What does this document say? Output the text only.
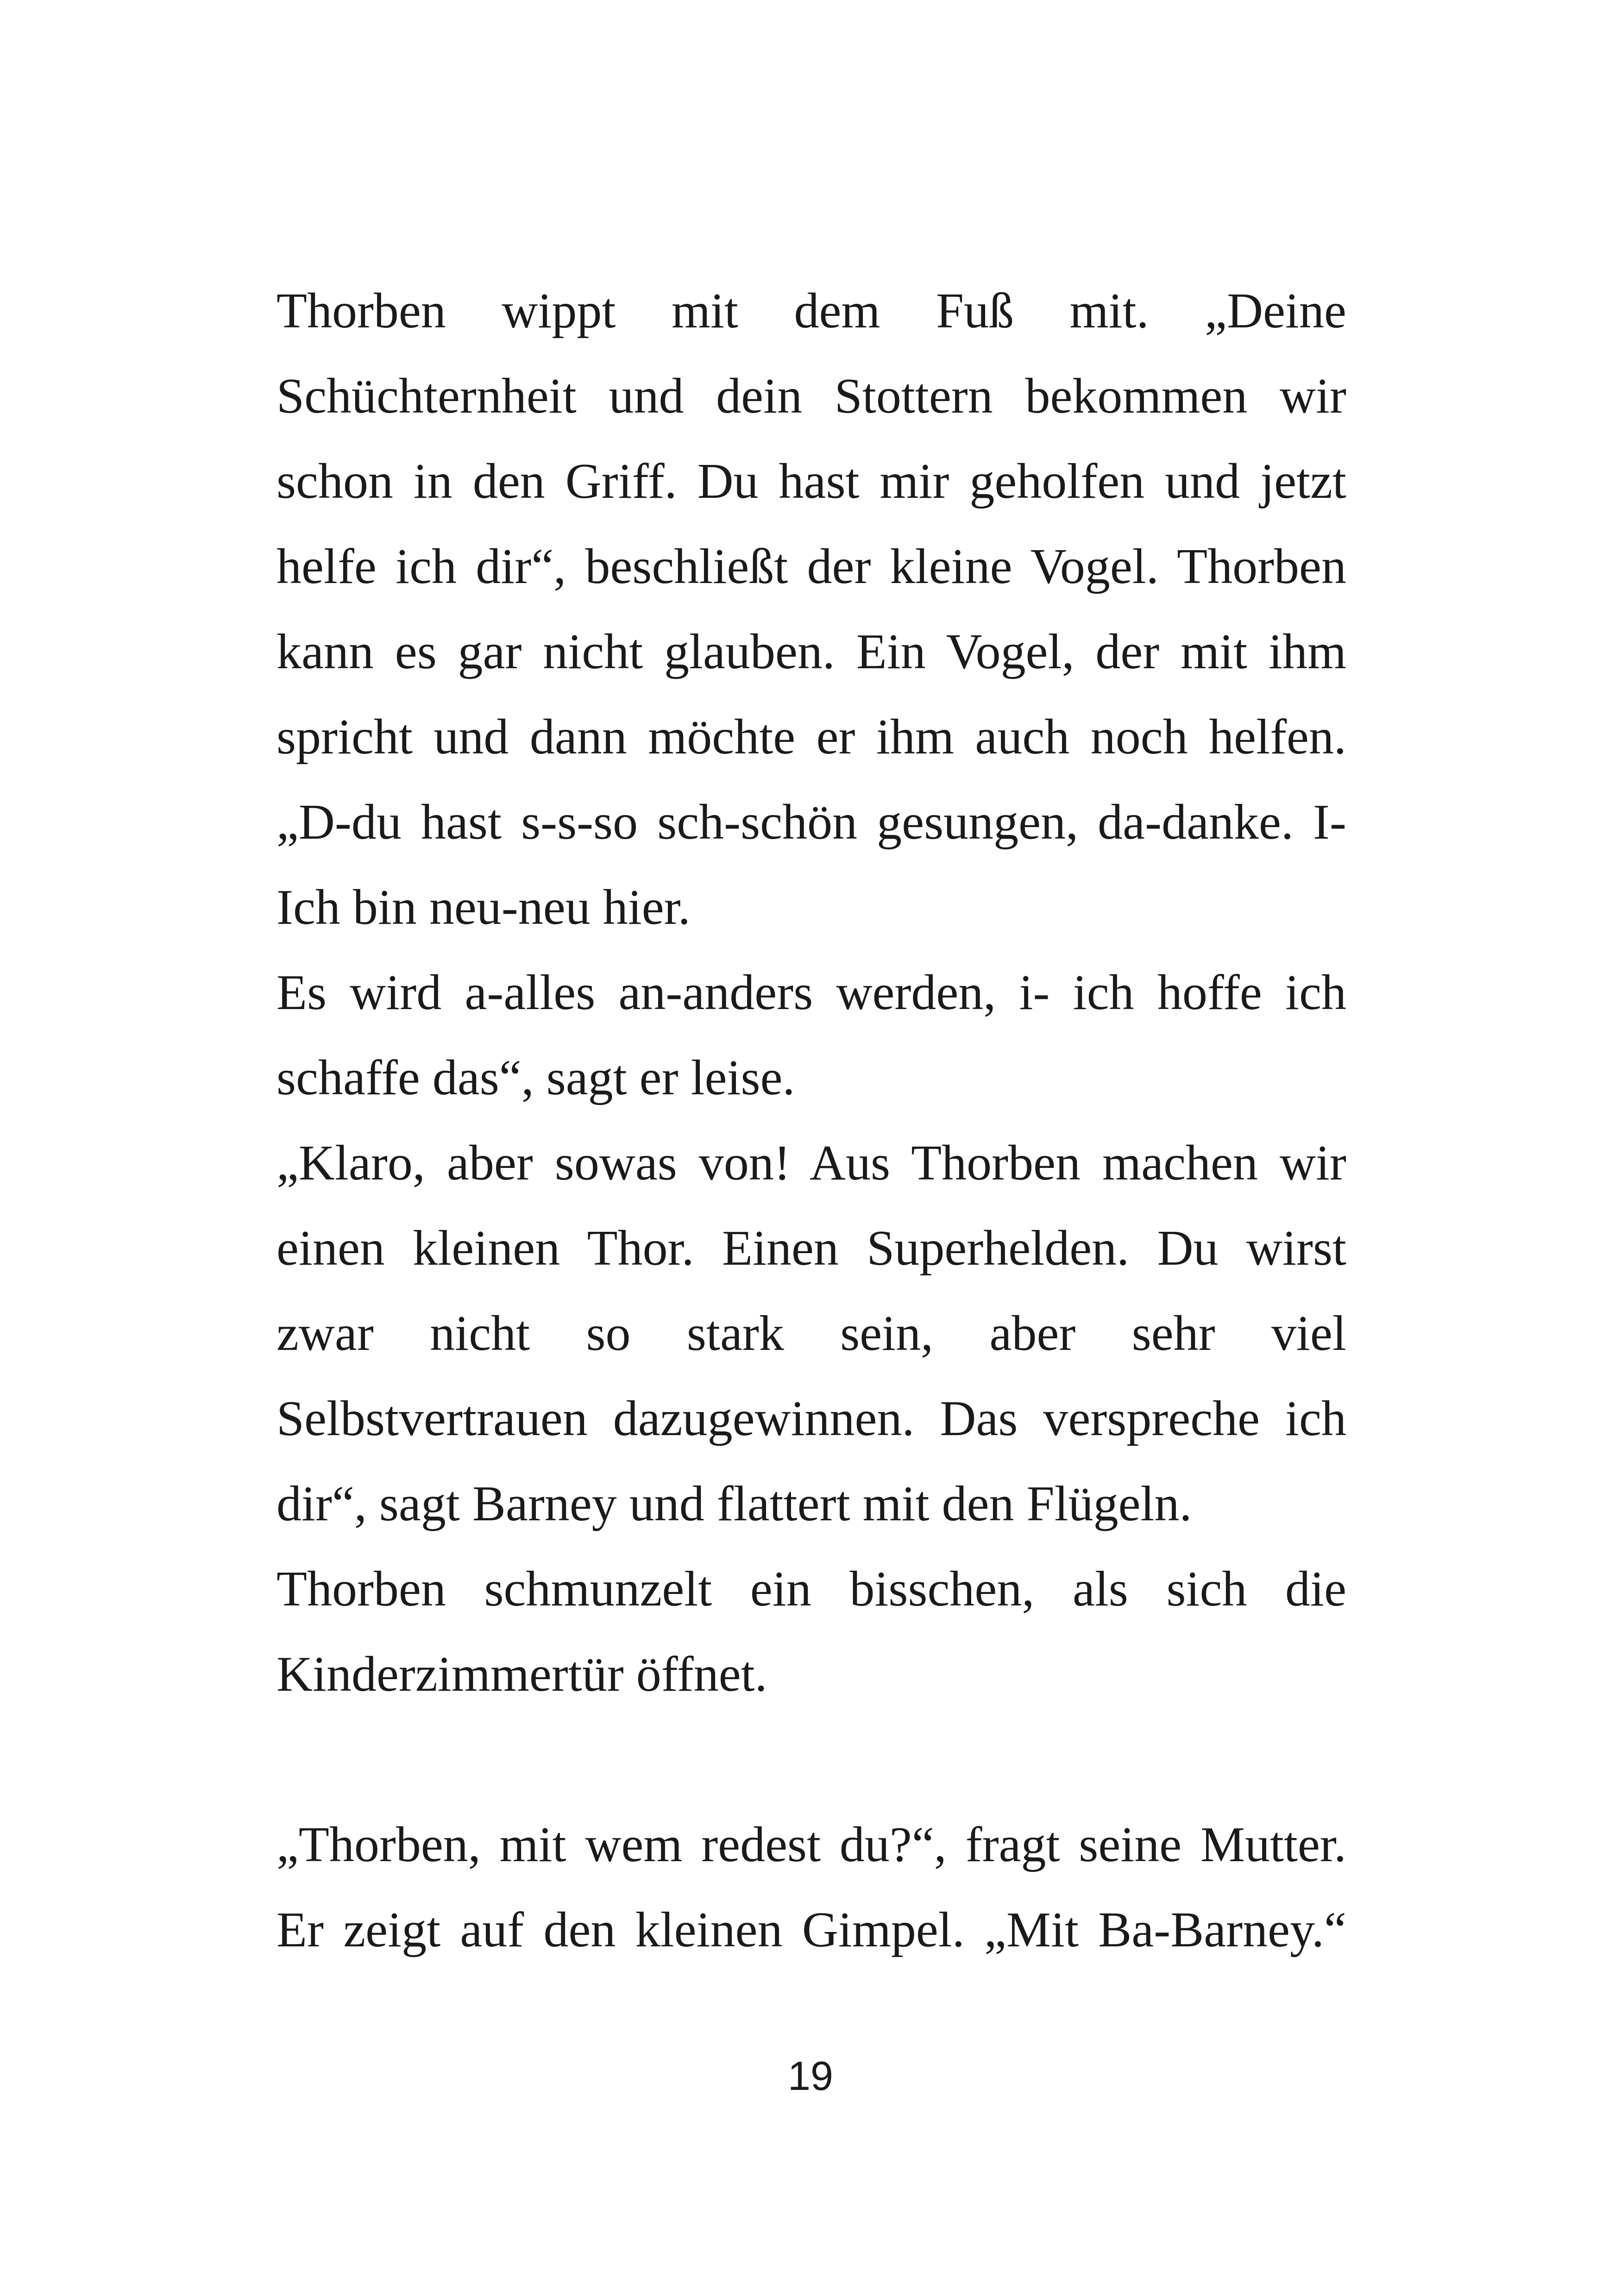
Thorben wippt mit dem Fuß mit. „Deine
Schüchternheit und dein Stottern bekommen wir
schon in den Griff. Du hast mir geholfen und jetzt
helfe ich dir“, beschließt der kleine Vogel. Thorben
kann es gar nicht glauben. Ein Vogel, der mit ihm
spricht und dann möchte er ihm auch noch helfen.
„D-du hast s-s-so sch-schön gesungen, da-danke. I-
Ich bin neu-neu hier.
Es wird a-alles an-anders werden, i- ich hoffe ich
schaffe das“, sagt er leise.
„Klaro, aber sowas von! Aus Thorben machen wir
einen kleinen Thor. Einen Superhelden. Du wirst
zwar nicht so stark sein, aber sehr viel
Selbstvertrauen dazugewinnen. Das verspreche ich
dir“, sagt Barney und flattert mit den Flügeln.
Thorben schmunzelt ein bisschen, als sich die
Kinderzimmertür öffnet.
„Thorben, mit wem redest du?“, fragt seine Mutter.
Er zeigt auf den kleinen Gimpel. „Mit Ba-Barney.“
19
